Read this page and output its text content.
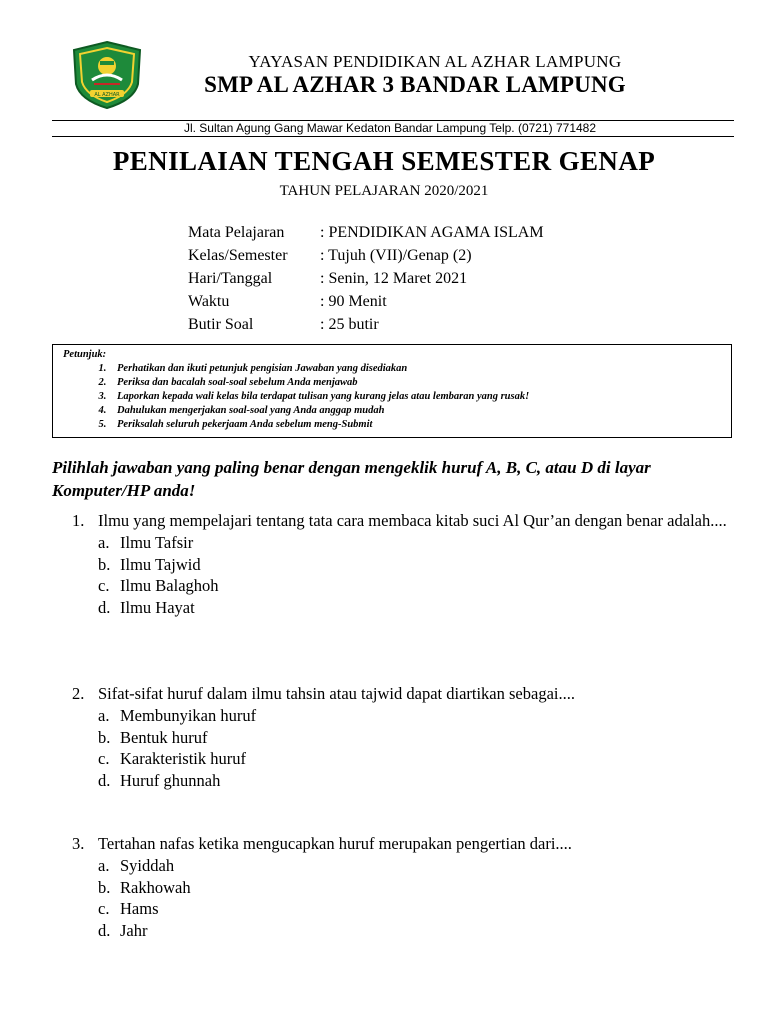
AL AZHAR
YAYASAN PENDIDIKAN AL AZHAR LAMPUNG
SMP AL AZHAR 3 BANDAR LAMPUNG
Jl. Sultan Agung Gang Mawar Kedaton Bandar Lampung Telp. (0721) 771482
PENILAIAN TENGAH SEMESTER GENAP
TAHUN PELAJARAN 2020/2021
Mata Pelajaran	: PENDIDIKAN AGAMA ISLAM
Kelas/Semester	: Tujuh (VII)/Genap (2)
Hari/Tanggal	: Senin, 12 Maret 2021
Waktu	: 90 Menit
Butir Soal	: 25 butir
Petunjuk:
1. Perhatikan dan ikuti petunjuk pengisian Jawaban yang disediakan
2. Periksa dan bacalah soal-soal sebelum Anda menjawab
3. Laporkan kepada wali kelas bila terdapat tulisan yang kurang jelas atau lembaran yang rusak!
4. Dahulukan mengerjakan soal-soal yang Anda anggap mudah
5. Periksalah seluruh pekerjaam Anda sebelum meng-Submit
Pilihlah jawaban yang paling benar dengan mengeklik huruf A, B, C, atau D di layar Komputer/HP anda!
1. Ilmu yang mempelajari tentang tata cara membaca kitab suci Al Qur’an dengan benar adalah....
a. Ilmu Tafsir
b. Ilmu Tajwid
c. Ilmu Balaghoh
d. Ilmu Hayat
2. Sifat-sifat huruf dalam ilmu tahsin atau tajwid dapat diartikan sebagai....
a. Membunyikan huruf
b. Bentuk huruf
c. Karakteristik huruf
d. Huruf ghunnah
3. Tertahan nafas ketika mengucapkan huruf merupakan pengertian dari....
a. Syiddah
b. Rakhowah
c. Hams
d. Jahr
